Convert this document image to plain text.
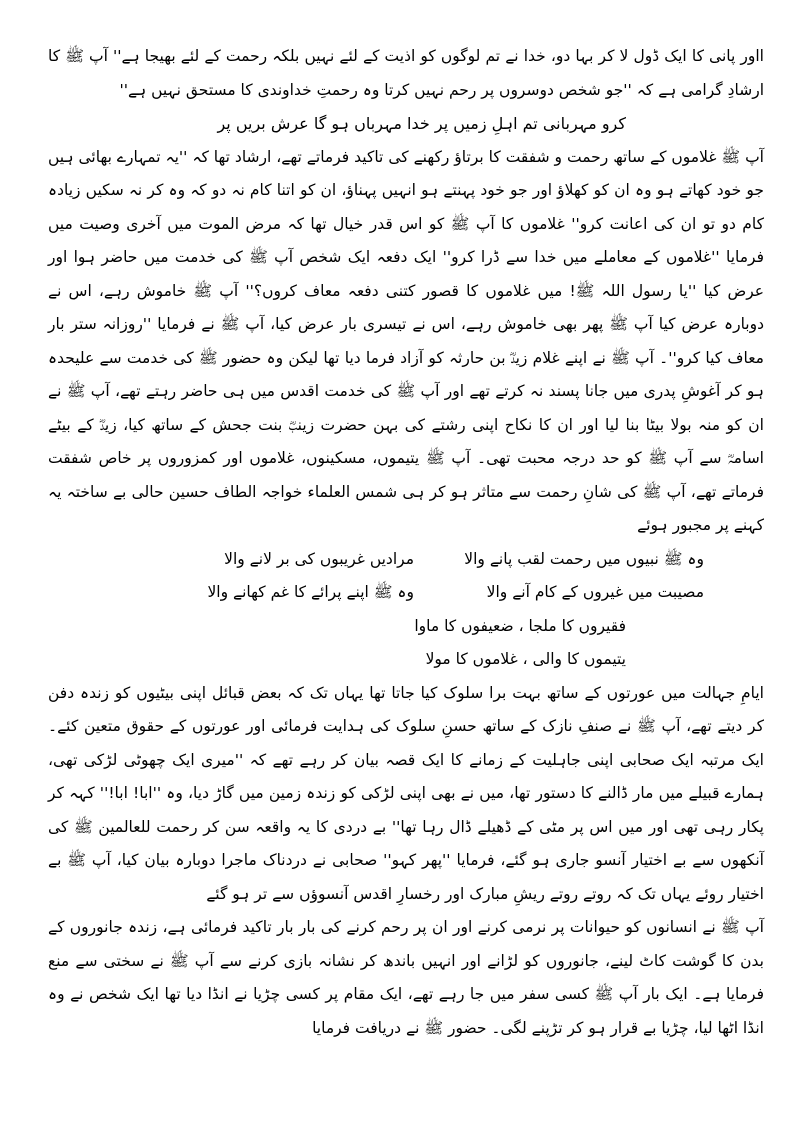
ااور پانی کا ایک ڈول لا کر بہا دو، خدا نے تم لوگوں کو اذیت کے لئے نہیں بلکہ رحمت کے لئے بھیجا ہے'' آپ ﷺ کا ارشادِ گرامی ہے کہ ''جو شخص دوسروں پر رحم نہیں کرتا وہ رحمتِ خداوندی کا مستحق نہیں ہے''

کرو مہربانی تم اہلِ زمیں پر خدا مہرباں ہو گا عرش بریں پر

آپ ﷺ غلاموں کے ساتھ رحمت و شفقت کا برتاؤ رکھنے کی تاکید فرماتے تھے، ارشاد تھا کہ ''یہ تمہارے بھائی ہیں جو خود کھاتے ہو وہ ان کو کھلاؤ اور جو خود پہنتے ہو انہیں پہناؤ، ان کو اتنا کام نہ دو کہ وہ کر نہ سکیں زیادہ کام دو تو ان کی اعانت کرو'' غلاموں کا آپ ﷺ کو اس قدر خیال تھا کہ مرض الموت میں آخری وصیت میں فرمایا ''غلاموں کے معاملے میں خدا سے ڈرا کرو'' ایک دفعہ ایک شخص آپ ﷺ کی خدمت میں حاضر ہوا اور عرض کیا ''یا رسول اللہ ﷺ! میں غلاموں کا قصور کتنی دفعہ معاف کروں؟'' آپ ﷺ خاموش رہے، اس نے دوبارہ عرض کیا آپ ﷺ پھر بھی خاموش رہے، اس نے تیسری بار عرض کیا، آپ ﷺ نے فرمایا ''روزانہ ستر بار معاف کیا کرو''۔ آپ ﷺ نے اپنے غلام زیدؓ بن حارثہ کو آزاد فرما دیا تھا لیکن وہ حضور ﷺ کی خدمت سے علیحدہ ہو کر آغوشِ پدری میں جانا پسند نہ کرتے تھے اور آپ ﷺ کی خدمت اقدس میں ہی حاضر رہتے تھے، آپ ﷺ نے ان کو منہ بولا بیٹا بنا لیا اور ان کا نکاح اپنی رشتے کی بہن حضرت زینبؓ بنت جحش کے ساتھ کیا، زیدؓ کے بیٹے اسامہؓ سے آپ ﷺ کو حد درجہ محبت تھی۔ آپ ﷺ یتیموں، مسکینوں، غلاموں اور کمزوروں پر خاص شفقت فرماتے تھے، آپ ﷺ کی شانِ رحمت سے متاثر ہو کر ہی شمس العلماء خواجہ الطاف حسین حالی بے ساختہ یہ کہنے پر مجبور ہوئے

وہ ﷺ نبیوں میں رحمت لقب پانے والا
مرادیں غریبوں کی بر لانے والا
مصیبت میں غیروں کے کام آنے والا
وہ ﷺ اپنے پرائے کا غم کھانے والا

فقیروں کا ملجا ، ضعیفوں کا ماوا

یتیموں کا والی ، غلاموں کا مولا

ایامِ جہالت میں عورتوں کے ساتھ بہت برا سلوک کیا جاتا تھا یہاں تک کہ بعض قبائل اپنی بیٹیوں کو زندہ دفن کر دیتے تھے، آپ ﷺ نے صنفِ نازک کے ساتھ حسنِ سلوک کی ہدایت فرمائی اور عورتوں کے حقوق متعین کئے۔ ایک مرتبہ ایک صحابی اپنی جاہلیت کے زمانے کا ایک قصہ بیان کر رہے تھے کہ ''میری ایک چھوٹی لڑکی تھی، ہمارے قبیلے میں مار ڈالنے کا دستور تھا، میں نے بھی اپنی لڑکی کو زندہ زمین میں گاڑ دیا، وہ ''ابا! ابا!'' کہہ کر پکار رہی تھی اور میں اس پر مٹی کے ڈھیلے ڈال رہا تھا'' بے دردی کا یہ واقعہ سن کر رحمت للعالمین ﷺ کی آنکھوں سے بے اختیار آنسو جاری ہو گئے، فرمایا ''پھر کہو'' صحابی نے دردناک ماجرا دوبارہ بیان کیا، آپ ﷺ بے اختیار روئے یہاں تک کہ روتے روتے ریشِ مبارک اور رخسارِ اقدس آنسوؤں سے تر ہو گئے

آپ ﷺ نے انسانوں کو حیوانات پر نرمی کرنے اور ان پر رحم کرنے کی بار بار تاکید فرمائی ہے، زندہ جانوروں کے بدن کا گوشت کاٹ لینے، جانوروں کو لڑانے اور انہیں باندھ کر نشانہ بازی کرنے سے آپ ﷺ نے سختی سے منع فرمایا ہے۔ ایک بار آپ ﷺ کسی سفر میں جا رہے تھے، ایک مقام پر کسی چڑیا نے انڈا دیا تھا ایک شخص نے وہ انڈا اٹھا لیا، چڑیا بے قرار ہو کر تڑپنے لگی۔ حضور ﷺ نے دریافت فرمایا
